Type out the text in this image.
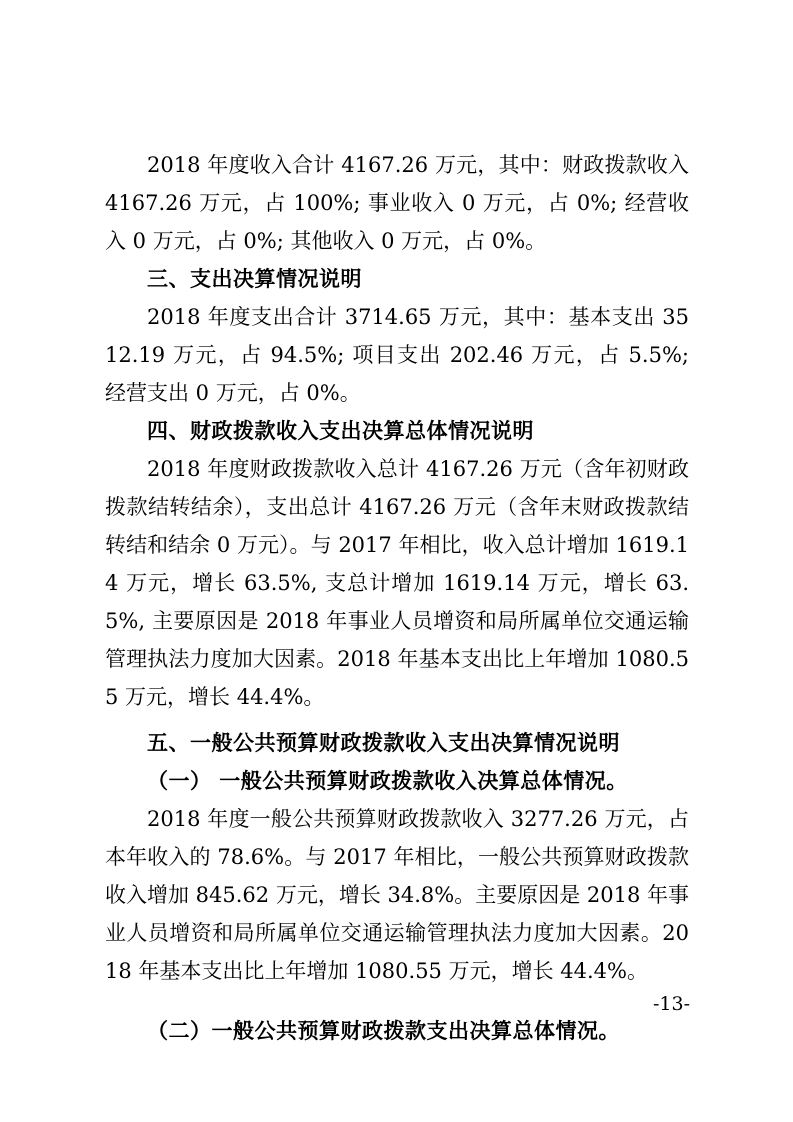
2018 年度收入合计 4167.26 万元，其中：财政拨款收入 4167.26 万元，占 100%; 事业收入 0 万元，占 0%; 经营收入 0 万元，占 0%; 其他收入 0 万元，占 0%。

三、支出决算情况说明

2018 年度支出合计 3714.65 万元，其中：基本支出 3512.19 万元，占 94.5%; 项目支出 202.46 万元，占 5.5%; 经营支出 0 万元，占 0%。

四、财政拨款收入支出决算总体情况说明

2018 年度财政拨款收入总计 4167.26 万元（含年初财政拨款结转结余），支出总计 4167.26 万元（含年末财政拨款结转结和结余 0 万元）。与 2017 年相比，收入总计增加 1619.14 万元，增长 63.5%, 支总计增加 1619.14 万元，增长 63.5%, 主要原因是 2018 年事业人员增资和局所属单位交通运输管理执法力度加大因素。2018 年基本支出比上年增加 1080.55 万元，增长 44.4%。

五、一般公共预算财政拨款收入支出决算情况说明
（一） 一般公共预算财政拨款收入决算总体情况。

2018 年度一般公共预算财政拨款收入 3277.26 万元，占本年收入的 78.6%。与 2017 年相比，一般公共预算财政拨款收入增加 845.62 万元，增长 34.8%。主要原因是 2018 年事业人员增资和局所属单位交通运输管理执法力度加大因素。2018 年基本支出比上年增加 1080.55 万元，增长 44.4%。

（二）一般公共预算财政拨款支出决算总体情况。
-13-
